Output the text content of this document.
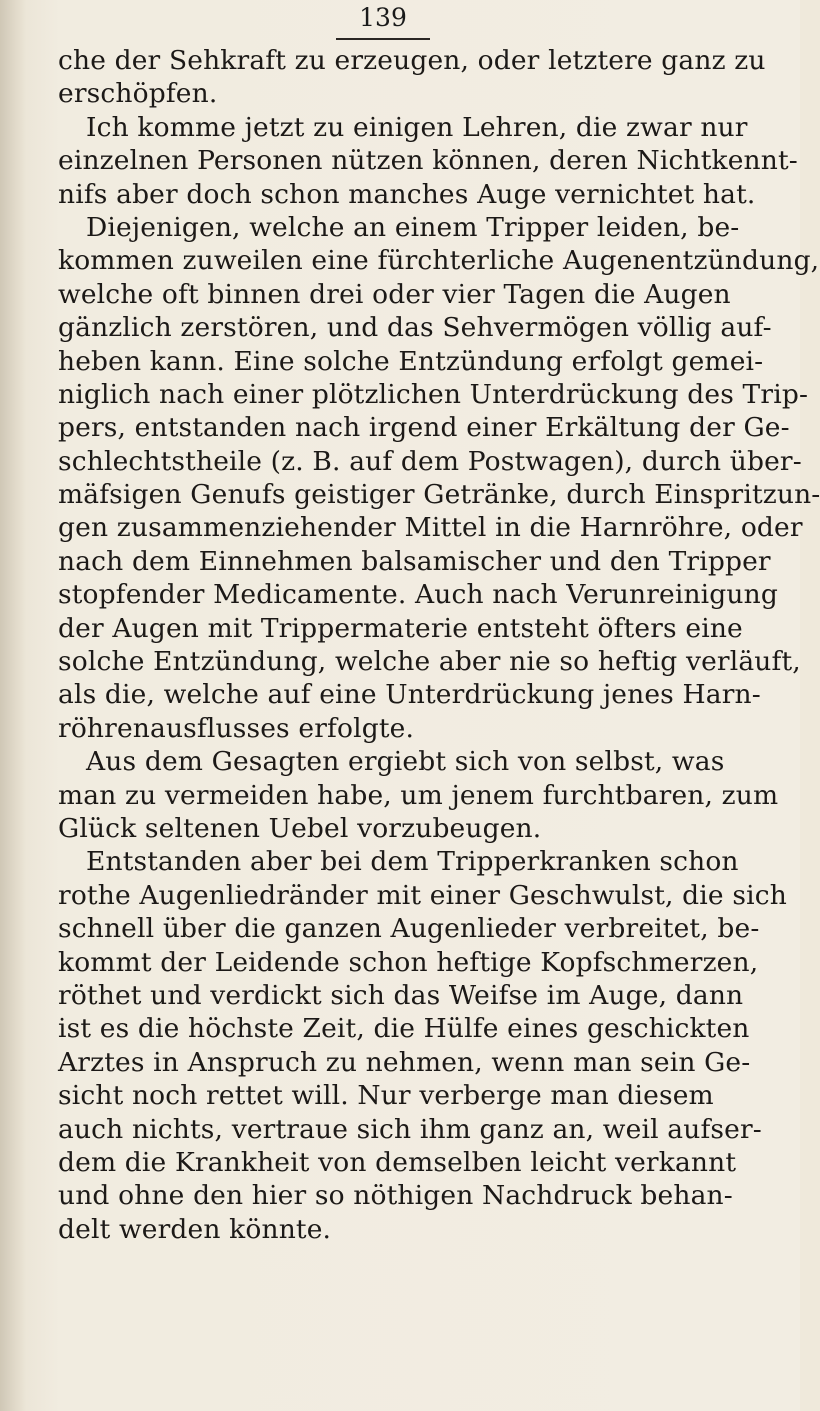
139
che der Sehkraft zu erzeugen, oder letztere ganz zu
erschöpfen.
Ich komme jetzt zu einigen Lehren, die zwar nur
einzelnen Personen nützen können, deren Nichtkennt-
nifs aber doch schon manches Auge vernichtet hat.
Diejenigen, welche an einem Tripper leiden, be-
kommen zuweilen eine fürchterliche Augenentzündung,
welche oft binnen drei oder vier Tagen die Augen
gänzlich zerstören, und das Sehvermögen völlig auf-
heben kann. Eine solche Entzündung erfolgt gemei-
niglich nach einer plötzlichen Unterdrückung des Trip-
pers, entstanden nach irgend einer Erkältung der Ge-
schlechtstheile (z. B. auf dem Postwagen), durch über-
mäfsigen Genufs geistiger Getränke, durch Einspritzun-
gen zusammenziehender Mittel in die Harnröhre, oder
nach dem Einnehmen balsamischer und den Tripper
stopfender Medicamente. Auch nach Verunreinigung
der Augen mit Trippermaterie entsteht öfters eine
solche Entzündung, welche aber nie so heftig verläuft,
als die, welche auf eine Unterdrückung jenes Harn-
röhrenausflusses erfolgte.
Aus dem Gesagten ergiebt sich von selbst, was
man zu vermeiden habe, um jenem furchtbaren, zum
Glück seltenen Uebel vorzubeugen.
Entstanden aber bei dem Tripperkranken schon
rothe Augenliedränder mit einer Geschwulst, die sich
schnell über die ganzen Augenlieder verbreitet, be-
kommt der Leidende schon heftige Kopfschmerzen,
röthet und verdickt sich das Weifse im Auge, dann
ist es die höchste Zeit, die Hülfe eines geschickten
Arztes in Anspruch zu nehmen, wenn man sein Ge-
sicht noch rettet will. Nur verberge man diesem
auch nichts, vertraue sich ihm ganz an, weil aufser-
dem die Krankheit von demselben leicht verkannt
und ohne den hier so nöthigen Nachdruck behan-
delt werden könnte.
